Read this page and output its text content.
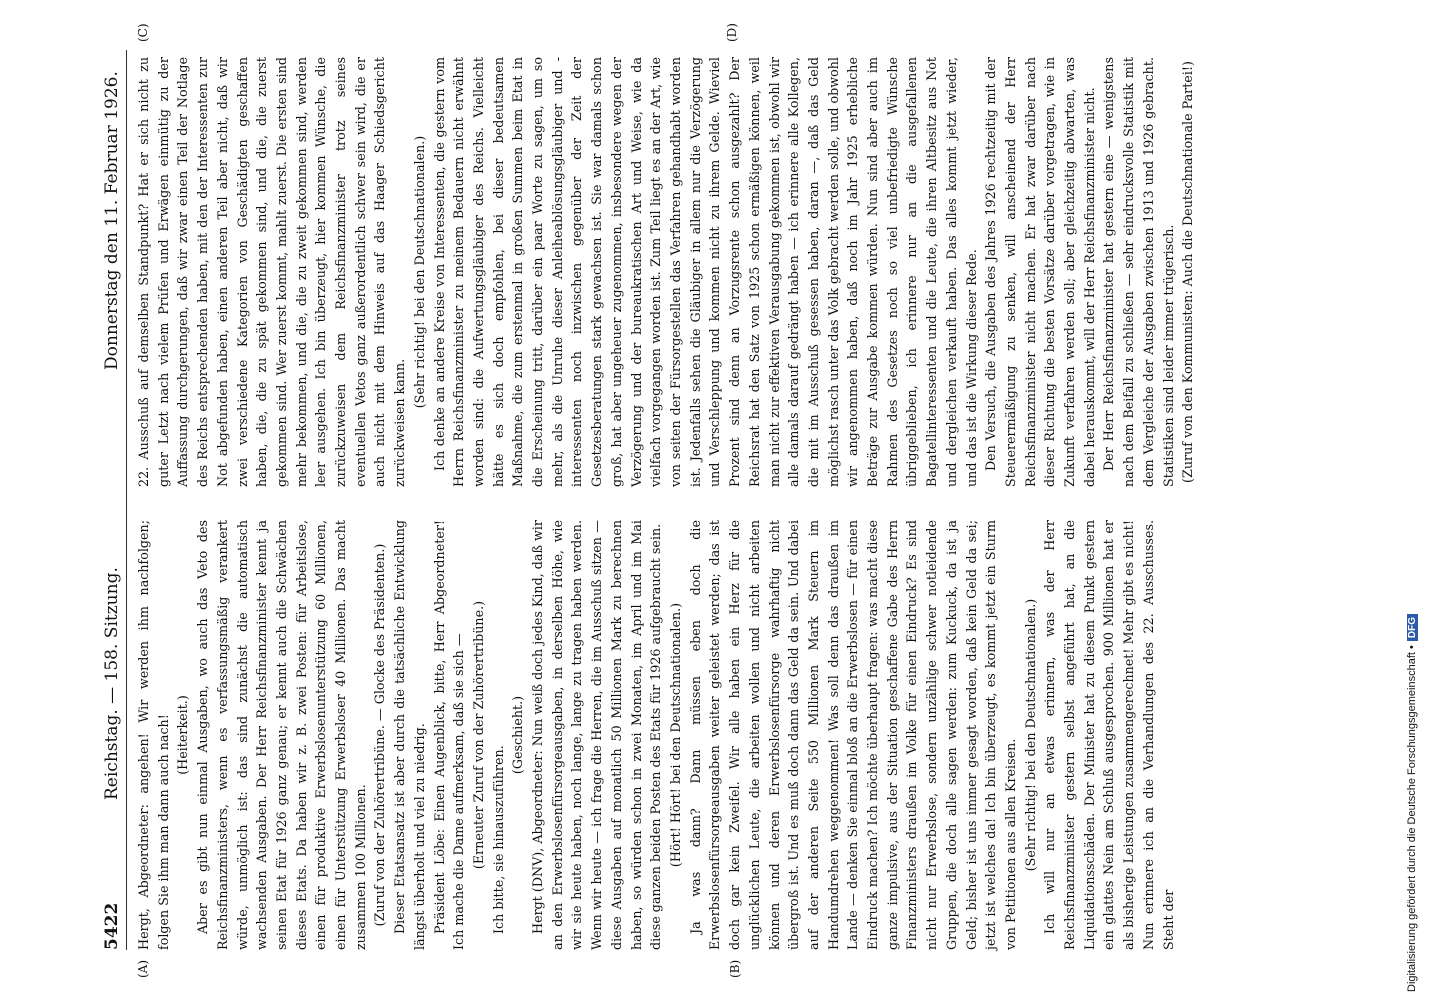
(A)	(B)
(C)	(D)
5422
Reichstag. — 158. Sitzung.
Donnerstag den 11. Februar 1926.

Hergt, Abgeordneter: angehen! Wir werden ihm nachfolgen; folgen Sie ihm man dann auch nach! (Heiterkeit.) Aber es gibt nun einmal Ausgaben, wo auch das Veto des Reichsfinanzministers, wenn es verfassungsmäßig verankert würde, unmöglich ist: das sind zunächst die automatisch wachsenden Ausgaben. Der Herr Reichsfinanzminister kennt ja seinen Etat für 1926 ganz genau; er kennt auch die Schwächen dieses Etats. Da haben wir z. B. zwei Posten: für Arbeitslose, einen für produktive Erwerbslosenunterstützung 60 Millionen, einen für Unterstützung Erwerbsloser 40 Millionen. Das macht zusammen 100 Millionen. (Zuruf von der Zuhörertribüne. — Glocke des Präsidenten.) Dieser Etatsansatz ist aber durch die tatsächliche Entwicklung längst überholt und viel zu niedrig. Präsident Löbe: Einen Augenblick, bitte, Herr Abgeordneter! Ich mache die Dame aufmerksam, daß sie sich — (Erneuter Zuruf von der Zuhörertribüne.) Ich bitte, sie hinauszuführen.

(Geschieht.) Hergt (DNV), Abgeordneter: Nun weiß doch jedes Kind, daß wir an den Erwerbslosenfürsorgeausgaben, in derselben Höhe, wie wir sie heute haben, noch lange, lange zu tragen haben werden. Wenn wir heute — ich frage die Herren, die im Ausschuß sitzen — diese Ausgaben auf monatlich 50 Millionen Mark zu berechnen haben, so würden schon in zwei Monaten, im April und im Mai diese ganzen beiden Posten des Etats für 1926 aufgebraucht sein. (Hört! Hört! bei den Deutschnationalen.) Ja was dann? Dann müssen eben doch die Erwerbslosenfürsorgeausgaben weiter geleistet werden; das ist doch gar kein Zweifel. Wir alle haben ein Herz für die unglücklichen Leute, die arbeiten wollen und nicht arbeiten können und deren Erwerbslosenfürsorge wahrhaftig nicht übergroß ist. Und es muß doch dann das Geld da sein. Und dabei auf der anderen Seite 550 Millionen Mark Steuern im Handumdrehen weggenommen! Was soll denn das draußen im Lande — denken Sie einmal bloß an die Erwerbslosen — für einen Eindruck machen? Ich möchte überhaupt fragen: was macht diese ganze impulsive, aus der Situation geschaffene Gabe des Herrn Finanzministers draußen im Volke für einen Eindruck? Es sind nicht nur Erwerbslose, sondern unzählige schwer notleidende Gruppen, die doch alle sagen werden: zum Kuckuck, da ist ja Geld; bisher ist uns immer gesagt worden, daß kein Geld da sei; jetzt ist welches da! Ich bin überzeugt, es kommt jetzt ein Sturm von Petitionen aus allen Kreisen. (Sehr richtig! bei den Deutschnationalen.) Ich will nur an etwas erinnern, was der Herr Reichsfinanzminister gestern selbst angeführt hat, an die Liquidationsschäden. Der Minister hat zu diesem Punkt gestern ein glattes Nein am Schluß ausgesprochen. 900 Millionen hat er als bisherige Leistungen zusammengerechnet! Mehr gibt es nicht! Nun erinnere ich an die Verhandlungen des 22. Ausschusses. Steht der

22. Ausschuß auf demselben Standpunkt? Hat er sich nicht zu guter Letzt nach vielem Prüfen und Erwägen einmütig zu der Auffassung durchgerungen, daß wir zwar einen Teil der Notlage des Reichs entsprechenden haben, mit den der Interessenten zur Not abgefunden haben, einen anderen Teil aber nicht, daß wir zwei verschiedene Kategorien von Geschädigten geschaffen haben, die, die zu spät gekommen sind, und die, die zuerst gekommen sind. Wer zuerst kommt, mahlt zuerst. Die ersten sind mehr bekommen, und die, die zu zweit gekommen sind, werden leer ausgehen. Ich bin überzeugt, hier kommen Wünsche, die zurückzuweisen dem Reichsfinanzminister trotz seines eventuellen Vetos ganz außerordentlich schwer sein wird, die er auch nicht mit dem Hinweis auf das Haager Schiedsgericht zurückweisen kann.

(Sehr richtig! bei den Deutschnationalen.) Ich denke an andere Kreise von Interessenten, die gestern vom Herrn Reichsfinanzminister zu meinem Bedauern nicht erwähnt worden sind: die Aufwertungsgläubiger des Reichs. Vielleicht hätte es sich doch empfohlen, bei dieser bedeutsamen Maßnahme, die zum erstenmal in großen Summen beim Etat in die Erscheinung tritt, darüber ein paar Worte zu sagen, um so mehr, als die Unruhe dieser Anleiheablösungsgläubiger und -interessenten noch inzwischen gegenüber der Zeit der Gesetzesberatungen stark gewachsen ist. Sie war damals schon groß, hat aber ungeheuer zugenommen, insbesondere wegen der Verzögerung und der bureaukratischen Art und Weise, wie da vielfach vorgegangen worden ist. Zum Teil liegt es an der Art, wie von seiten der Fürsorgestellen das Verfahren gehandhabt worden ist. Jedenfalls sehen die Gläubiger in allem nur die Verzögerung und Verschleppung und kommen nicht zu ihrem Gelde. Wieviel Prozent sind denn an Vorzugsrente schon ausgezahlt? Der Reichsrat hat den Satz von 1925 schon ermäßigen können, weil man nicht zur effektiven Verausgabung gekommen ist, obwohl wir alle damals darauf gedrängt haben — ich erinnere alle Kollegen, die mit im Ausschuß gesessen haben, daran —, daß das Geld möglichst rasch unter das Volk gebracht werden solle, und obwohl wir angenommen haben, daß noch im Jahr 1925 erhebliche Beträge zur Ausgabe kommen würden. Nun sind aber auch im Rahmen des Gesetzes noch so viel unbefriedigte Wünsche übriggeblieben, ich erinnere nur an die ausgefallenen Bagatellinteressenten und die Leute, die ihren Altbesitz aus Not und dergleichen verkauft haben. Das alles kommt jetzt wieder, und das ist die Wirkung dieser Rede. Den Versuch, die Ausgaben des Jahres 1926 rechtzeitig mit der Steuerermäßigung zu senken, will anscheinend der Herr Reichsfinanzminister nicht machen. Er hat zwar darüber nach dieser Richtung die besten Vorsätze darüber vorgetragen, wie in Zukunft verfahren werden soll; aber gleichzeitig abwarten, was dabei herauskommt, will der Herr Reichsfinanzminister nicht. Der Herr Reichsfinanzminister hat gestern eine — wenigstens nach dem Beifall zu schließen — sehr eindrucksvolle Statistik mit dem Vergleiche der Ausgaben zwischen 1913 und 1926 gebracht. Statistiken sind leider immer trügerisch. (Zuruf von den Kommunisten: Auch die Deutschnationale Partei!)

Digitalisierung gefördert durch die Deutsche Forschungsgemeinschaft •DFG
